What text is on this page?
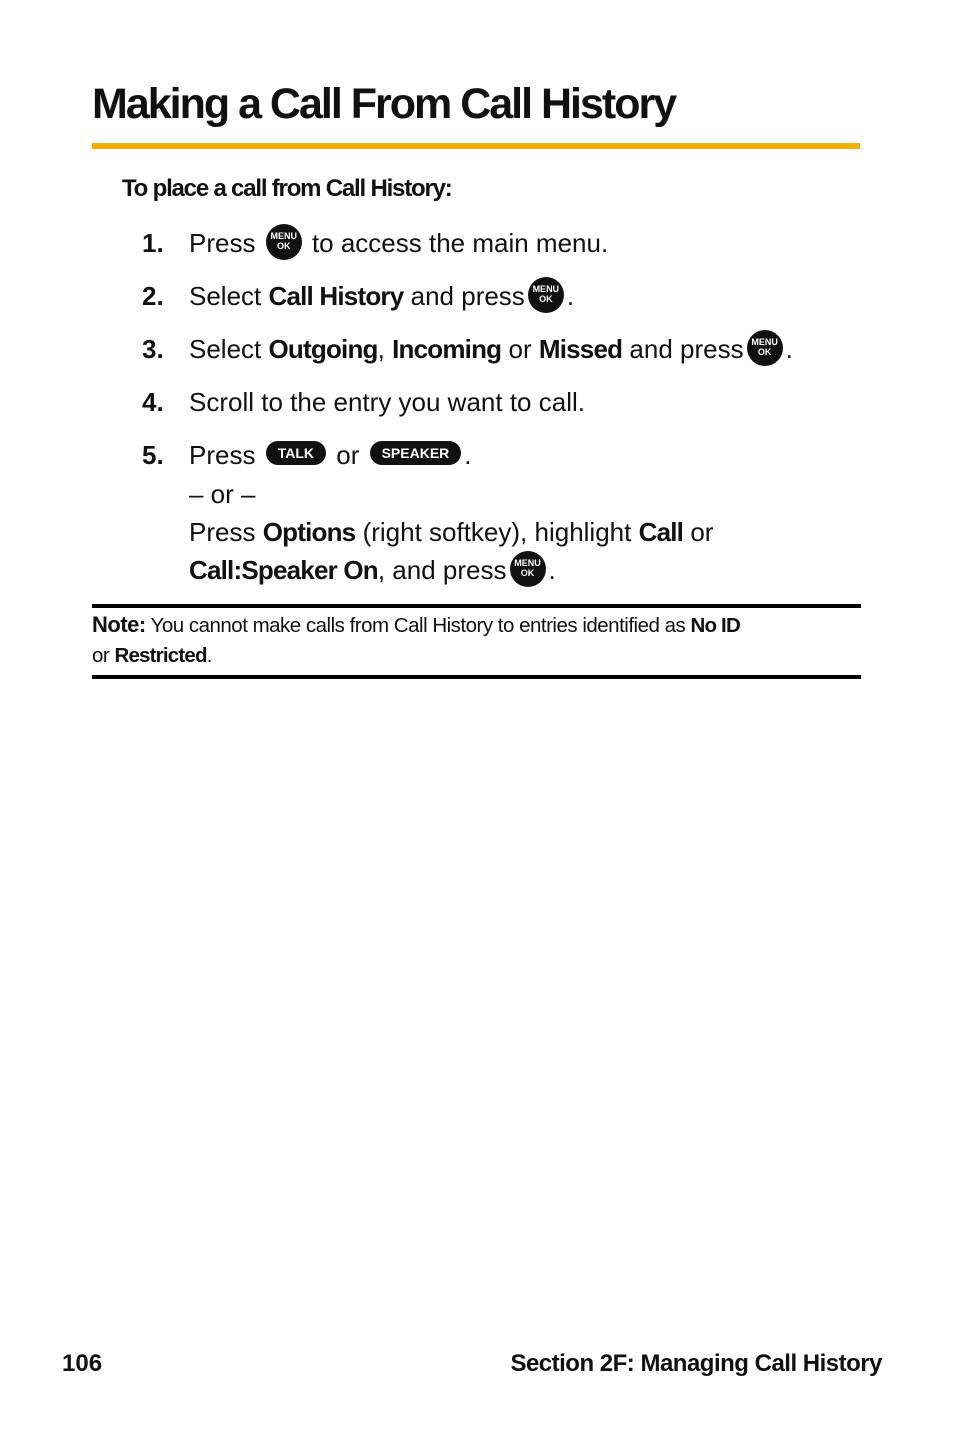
Making a Call From Call History
To place a call from Call History:
1. Press MENU
OK to access the main menu.
2. Select Call History and press MENU
OK .
3. Select Outgoing, Incoming or Missed and press MENU
OK .
4. Scroll to the entry you want to call.
5. Press TALK or SPEAKER .
– or –
Press Options (right softkey), highlight Call or
Call:Speaker On, and press MENU
OK .
Note: You cannot make calls from Call History to entries identified as No ID
or Restricted.
106	Section 2F: Managing Call History
